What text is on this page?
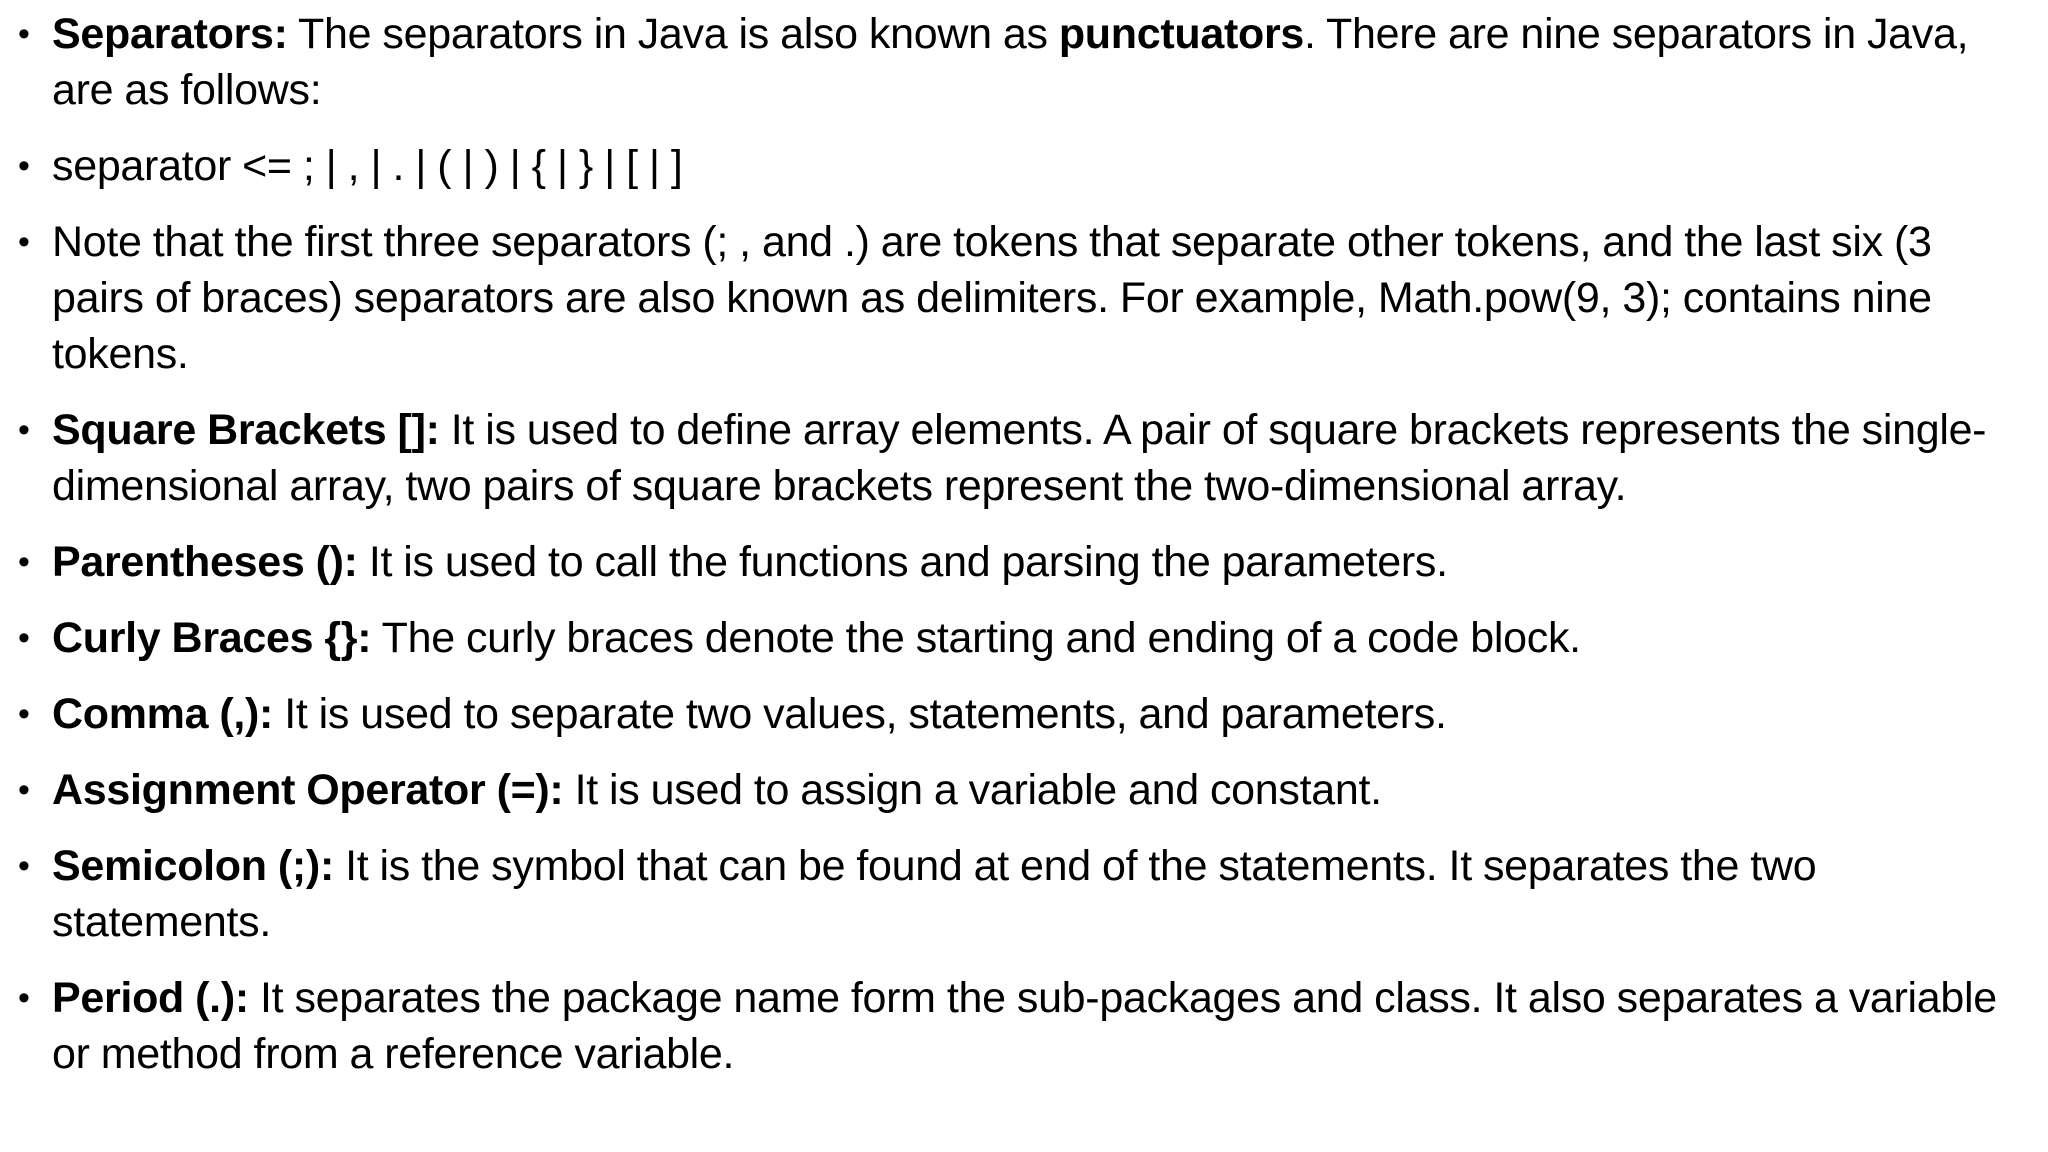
• Separators: The separators in Java is also known as punctuators. There are nine separators in Java, are as follows:
• separator <= ; | , | . | ( | ) | { | } | [ | ]
• Note that the first three separators (; , and .) are tokens that separate other tokens, and the last six (3 pairs of braces) separators are also known as delimiters. For example, Math.pow(9, 3); contains nine tokens.
• Square Brackets []: It is used to define array elements. A pair of square brackets represents the single-dimensional array, two pairs of square brackets represent the two-dimensional array.
• Parentheses (): It is used to call the functions and parsing the parameters.
• Curly Braces {}: The curly braces denote the starting and ending of a code block.
• Comma (,): It is used to separate two values, statements, and parameters.
• Assignment Operator (=): It is used to assign a variable and constant.
• Semicolon (;): It is the symbol that can be found at end of the statements. It separates the two statements.
• Period (.): It separates the package name form the sub-packages and class. It also separates a variable or method from a reference variable.
